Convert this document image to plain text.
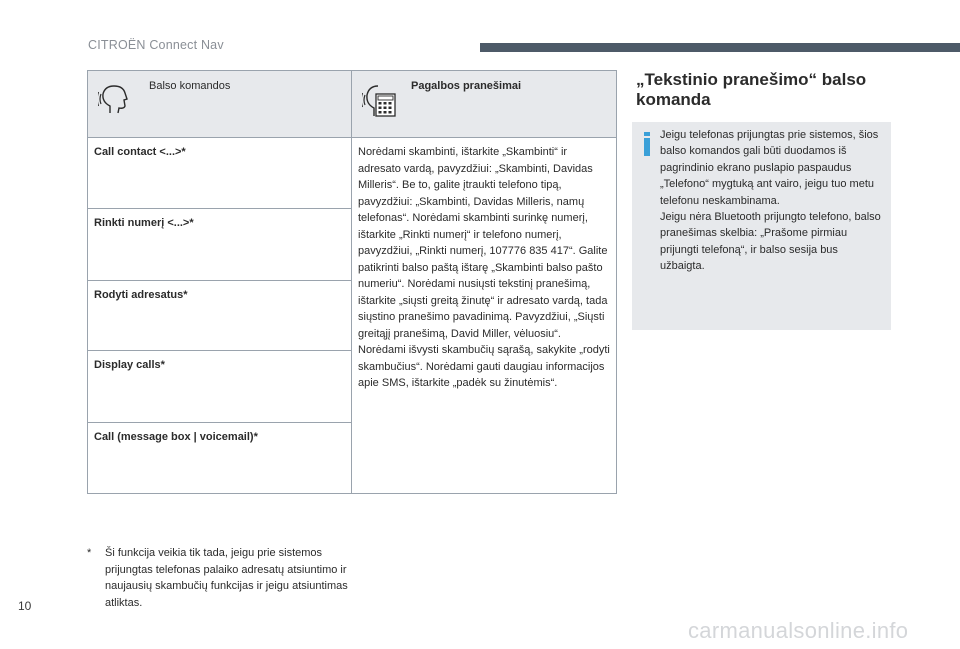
CITROËN Connect Nav
Balso komandos	Pagalbos pranešimai

Call contact <...>*	Norėdami skambinti, ištarkite „Skambinti“ ir adresato vardą, pavyzdžiui: „Skambinti, Davidas Milleris“. Be to, galite įtraukti telefono tipą, pavyzdžiui: „Skambinti, Davidas Milleris, namų telefonas“. Norėdami skambinti surinkę numerį, ištarkite „Rinkti numerį“ ir telefono numerį, pavyzdžiui, „Rinkti numerį, 107776 835 417“. Galite patikrinti balso paštą ištarę „Skambinti balso pašto numeriu“. Norėdami nusiųsti tekstinį pranešimą, ištarkite „siųsti greitą žinutę“ ir adresato vardą, tada siųstino pranešimo pavadinimą. Pavyzdžiui, „Siųsti greitąjį pranešimą, David Miller, vėluosiu“. Norėdami išvysti skambučių sąrašą, sakykite „rodyti skambučius“. Norėdami gauti daugiau informacijos apie SMS, ištarkite „padėk su žinutėmis“.
Rinkti numerį <...>*	
Rodyti adresatus*	
Display calls*	
Call (message box | voicemail)*	
„Tekstinio pranešimo“ balso komanda
Jeigu telefonas prijungtas prie sistemos, šios balso komandos gali būti duodamos iš pagrindinio ekrano puslapio paspaudus „Telefono“ mygtuką ant vairo, jeigu tuo metu telefonu neskambinama.
Jeigu nėra Bluetooth prijungto telefono, balso pranešimas skelbia: „Prašome pirmiau prijungti telefoną“, ir balso sesija bus užbaigta.
* Ši funkcija veikia tik tada, jeigu prie sistemos prijungtas telefonas palaiko adresatų atsiuntimo ir naujausių skambučių funkcijas ir jeigu atsiuntimas atliktas.
10
carmanualsonline.info
